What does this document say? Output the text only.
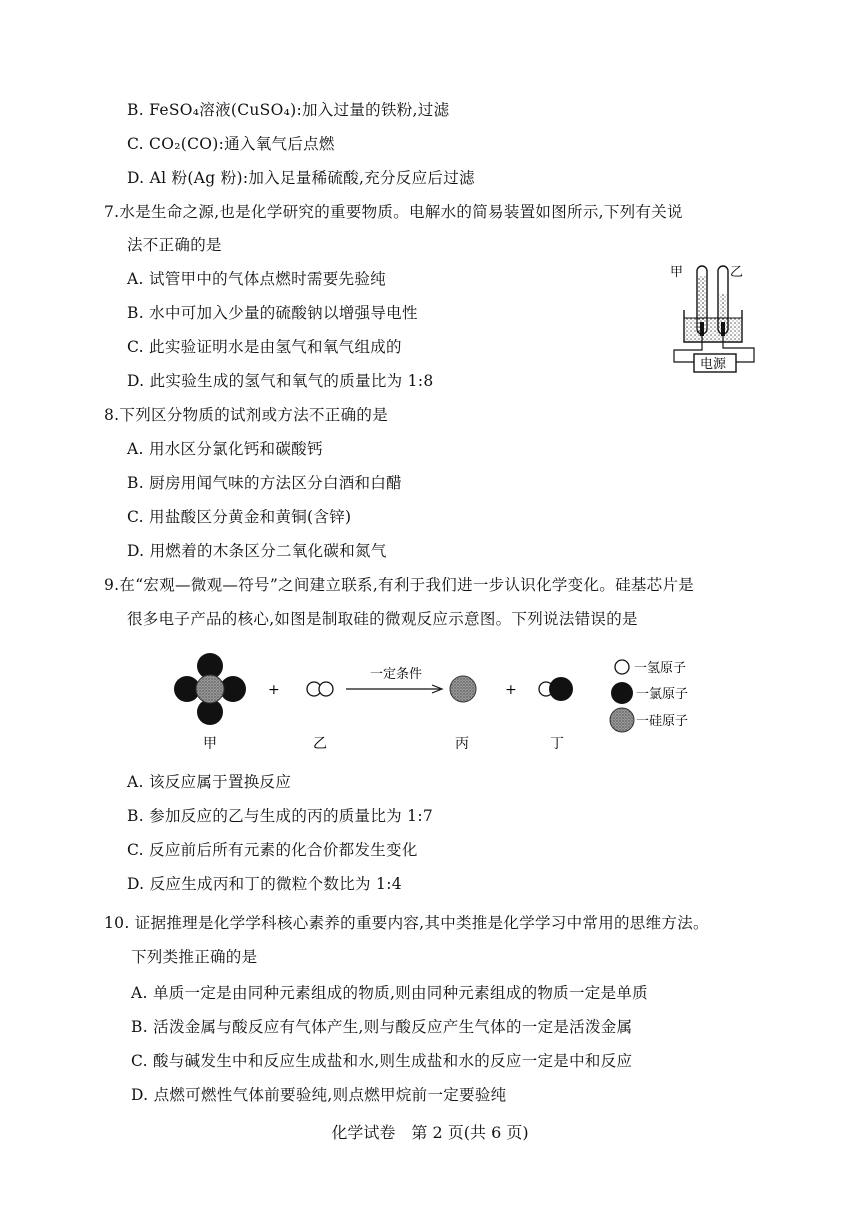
B. FeSO₄溶液(CuSO₄):加入过量的铁粉,过滤
C. CO₂(CO):通入氧气后点燃
D. Al 粉(Ag 粉):加入足量稀硫酸,充分反应后过滤
7.水是生命之源,也是化学研究的重要物质。电解水的简易装置如图所示,下列有关说
法不正确的是
A. 试管甲中的气体点燃时需要先验纯
B. 水中可加入少量的硫酸钠以增强导电性
C. 此实验证明水是由氢气和氧气组成的
D. 此实验生成的氢气和氧气的质量比为 1:8
甲	乙
电源
8.下列区分物质的试剂或方法不正确的是
A. 用水区分氯化钙和碳酸钙
B. 厨房用闻气味的方法区分白酒和白醋
C. 用盐酸区分黄金和黄铜(含锌)
D. 用燃着的木条区分二氧化碳和氮气
9.在“宏观—微观—符号”之间建立联系,有利于我们进一步认识化学变化。硅基芯片是
很多电子产品的核心,如图是制取硅的微观反应示意图。下列说法错误的是
甲
+
乙
一定条件
丙
+
丁
一氢原子
一氯原子
一硅原子
A. 该反应属于置换反应
B. 参加反应的乙与生成的丙的质量比为 1:7
C. 反应前后所有元素的化合价都发生变化
D. 反应生成丙和丁的微粒个数比为 1:4
10. 证据推理是化学学科核心素养的重要内容,其中类推是化学学习中常用的思维方法。
下列类推正确的是
A. 单质一定是由同种元素组成的物质,则由同种元素组成的物质一定是单质
B. 活泼金属与酸反应有气体产生,则与酸反应产生气体的一定是活泼金属
C. 酸与碱发生中和反应生成盐和水,则生成盐和水的反应一定是中和反应
D. 点燃可燃性气体前要验纯,则点燃甲烷前一定要验纯
化学试卷　第 2 页(共 6 页)
